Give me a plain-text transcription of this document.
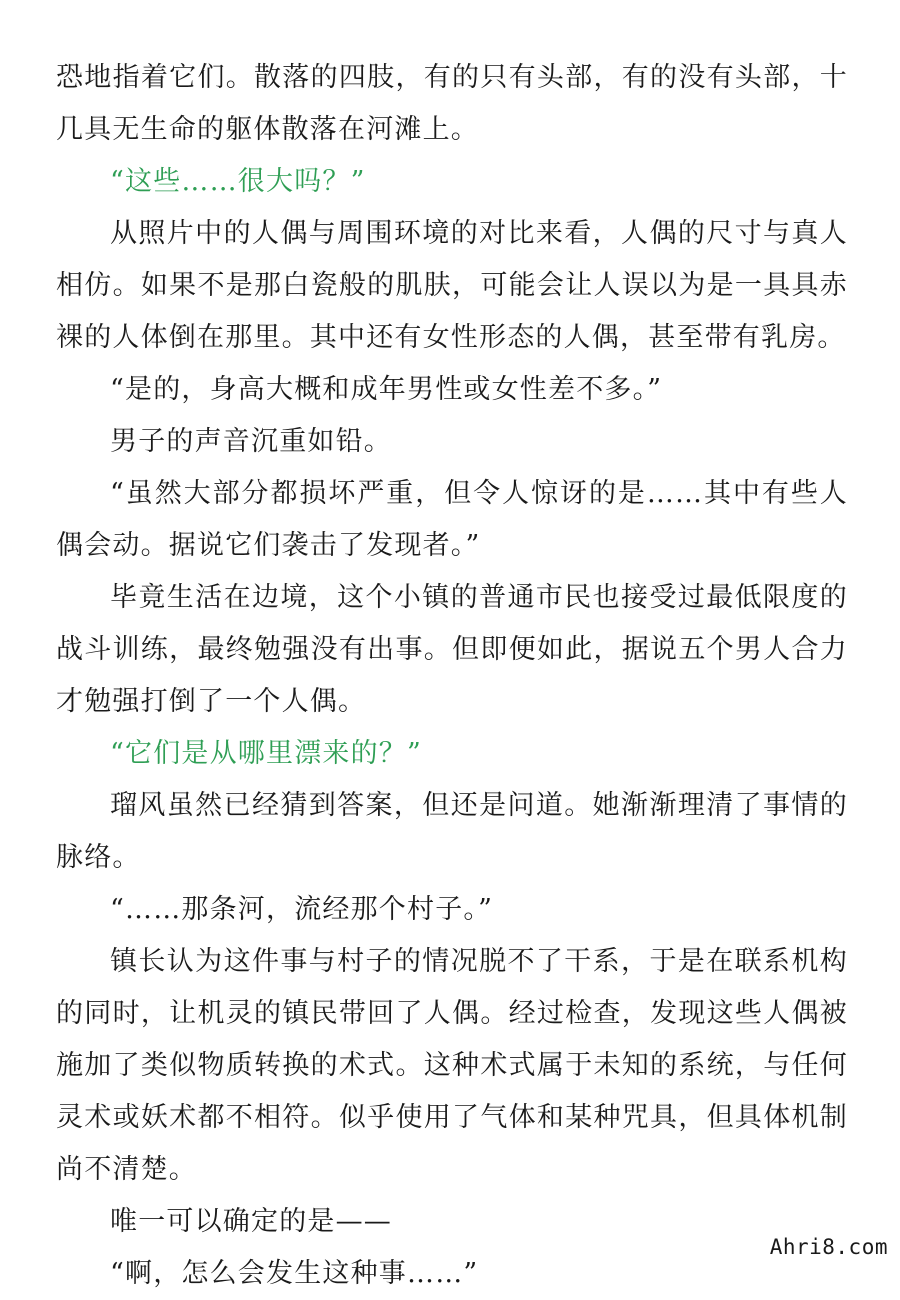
恐地指着它们。散落的四肢，有的只有头部，有的没有头部，十几具无生命的躯体散落在河滩上。

“这些……很大吗？”

从照片中的人偶与周围环境的对比来看，人偶的尺寸与真人相仿。如果不是那白瓷般的肌肤，可能会让人误以为是一具具赤裸的人体倒在那里。其中还有女性形态的人偶，甚至带有乳房。

“是的，身高大概和成年男性或女性差不多。”

男子的声音沉重如铅。

“虽然大部分都损坏严重，但令人惊讶的是……其中有些人偶会动。据说它们袭击了发现者。”

毕竟生活在边境，这个小镇的普通市民也接受过最低限度的战斗训练，最终勉强没有出事。但即便如此，据说五个男人合力才勉强打倒了一个人偶。

“它们是从哪里漂来的？”

瑠风虽然已经猜到答案，但还是问道。她渐渐理清了事情的脉络。

“……那条河，流经那个村子。”

镇长认为这件事与村子的情况脱不了干系，于是在联系机构的同时，让机灵的镇民带回了人偶。经过检查，发现这些人偶被施加了类似物质转换的术式。这种术式属于未知的系统，与任何灵术或妖术都不相符。似乎使用了气体和某种咒具，但具体机制尚不清楚。

唯一可以确定的是——

“啊，怎么会发生这种事……”

Ahri8.com
